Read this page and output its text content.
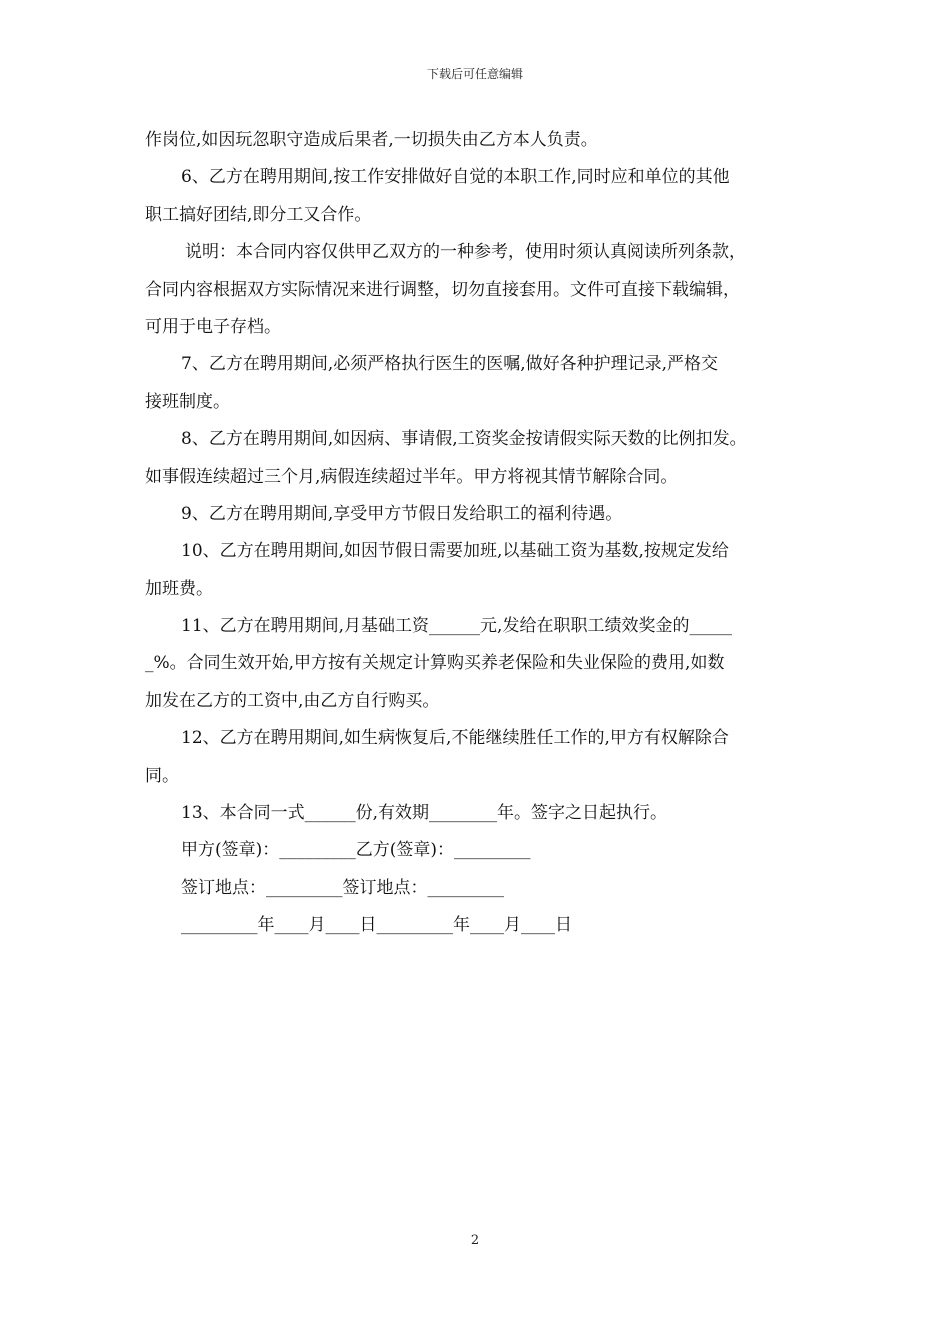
下载后可任意编辑
作岗位,如因玩忽职守造成后果者,一切损失由乙方本人负责。
6、乙方在聘用期间,按工作安排做好自觉的本职工作,同时应和单位的其他
职工搞好团结,即分工又合作。
说明：本合同内容仅供甲乙双方的一种参考，使用时须认真阅读所列条款，
合同内容根据双方实际情况来进行调整，切勿直接套用。文件可直接下载编辑，
可用于电子存档。
7、乙方在聘用期间,必须严格执行医生的医嘱,做好各种护理记录,严格交
接班制度。
8、乙方在聘用期间,如因病、事请假,工资奖金按请假实际天数的比例扣发。
如事假连续超过三个月,病假连续超过半年。甲方将视其情节解除合同。
9、乙方在聘用期间,享受甲方节假日发给职工的福利待遇。
10、乙方在聘用期间,如因节假日需要加班,以基础工资为基数,按规定发给
加班费。
11、乙方在聘用期间,月基础工资______元,发给在职职工绩效奖金的_____
_%。合同生效开始,甲方按有关规定计算购买养老保险和失业保险的费用,如数
加发在乙方的工资中,由乙方自行购买。
12、乙方在聘用期间,如生病恢复后,不能继续胜任工作的,甲方有权解除合
同。
13、本合同一式______份,有效期________年。签字之日起执行。
甲方(签章)：_________乙方(签章)：_________
签订地点：_________签订地点：_________
_________年____月____日_________年____月____日
2
